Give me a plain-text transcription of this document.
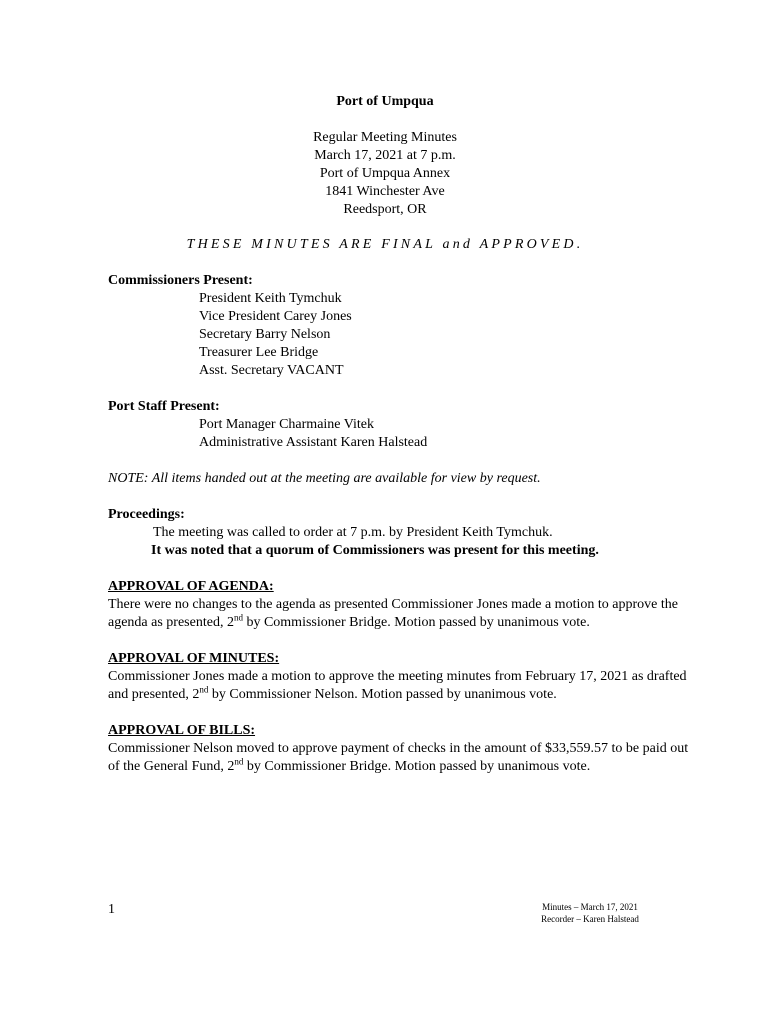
Port of Umpqua
Regular Meeting Minutes
March 17, 2021 at 7 p.m.
Port of Umpqua Annex
1841 Winchester Ave
Reedsport, OR
THESE MINUTES ARE FINAL and APPROVED.
Commissioners Present:
President Keith Tymchuk
Vice President Carey Jones
Secretary Barry Nelson
Treasurer Lee Bridge
Asst. Secretary VACANT
Port Staff Present:
Port Manager Charmaine Vitek
Administrative Assistant Karen Halstead
NOTE: All items handed out at the meeting are available for view by request.
Proceedings:
The meeting was called to order at 7 p.m. by President Keith Tymchuk.
It was noted that a quorum of Commissioners was present for this meeting.
APPROVAL OF AGENDA:
There were no changes to the agenda as presented Commissioner Jones made a motion to approve the agenda as presented, 2nd by Commissioner Bridge. Motion passed by unanimous vote.
APPROVAL OF MINUTES:
Commissioner Jones made a motion to approve the meeting minutes from February 17, 2021 as drafted and presented, 2nd by Commissioner Nelson. Motion passed by unanimous vote.
APPROVAL OF BILLS:
Commissioner Nelson moved to approve payment of checks in the amount of $33,559.57 to be paid out of the General Fund, 2nd by Commissioner Bridge. Motion passed by unanimous vote.
1	Minutes – March 17, 2021
Recorder – Karen Halstead
